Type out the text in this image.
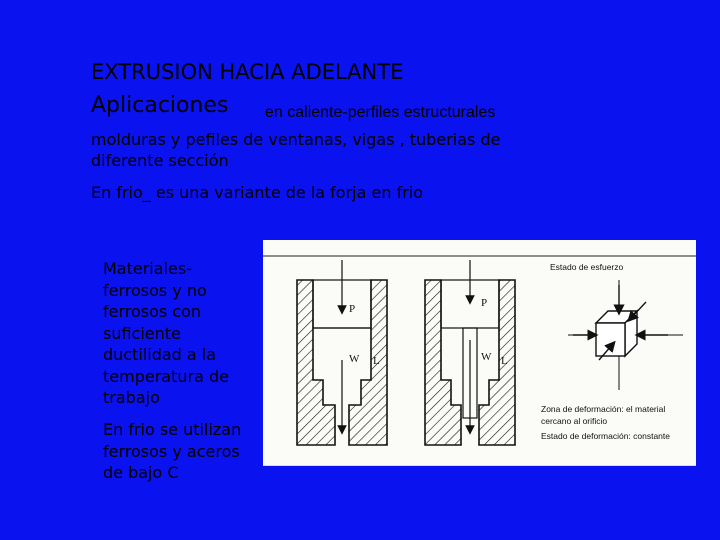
EXTRUSION HACIA ADELANTE
Aplicaciones en caliente-perfiles estructurales
molduras y pefiles de ventanas, vigas , tuberias de
diferente sección
En frio_ es una variante de la forja en frio
Materiales-
ferrosos y no
ferrosos con
suficiente
ductilidad a la
temperatura de
trabajo
En frio se utilizan
ferrosos y aceros
de bajo C
P
W L
P
W L
Estado de esfuerzo
Zona de deformación: el material
cercano al orificio
Estado de deformación: constante
